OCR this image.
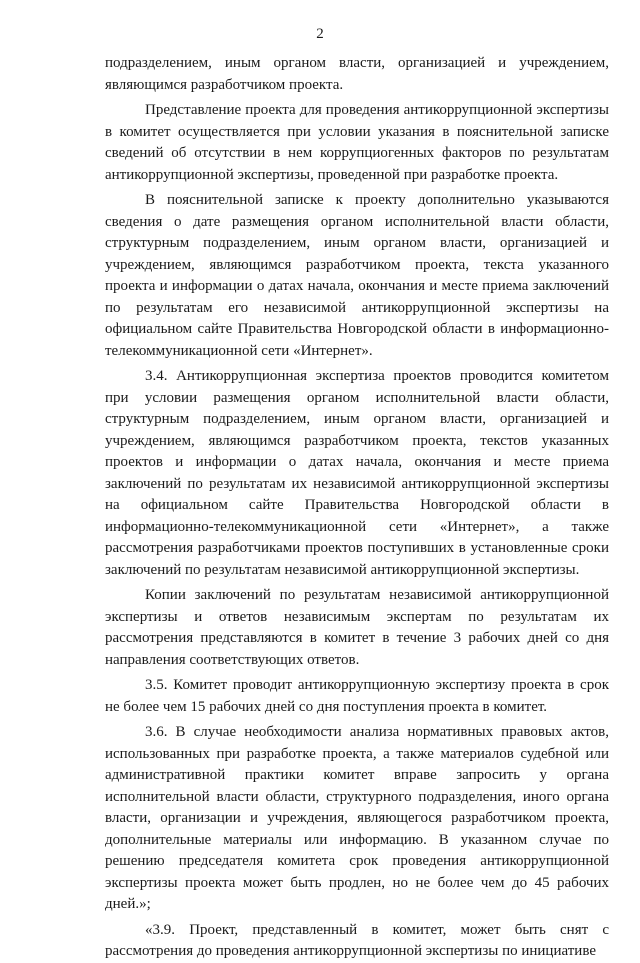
2

подразделением, иным органом власти, организацией и учреждением, являющимся разработчиком проекта.

Представление проекта для проведения антикоррупционной экспертизы в комитет осуществляется при условии указания в пояснительной записке сведений об отсутствии в нем коррупциогенных факторов по результатам антикоррупционной экспертизы, проведенной при разработке проекта.

В пояснительной записке к проекту дополнительно указываются сведения о дате размещения органом исполнительной власти области, структурным подразделением, иным органом власти, организацией и учреждением, являющимся разработчиком проекта, текста указанного проекта и информации о датах начала, окончания и месте приема заключений по результатам его независимой антикоррупционной экспертизы на официальном сайте Правительства Новгородской области в информационно-телекоммуникационной сети «Интернет».

3.4. Антикоррупционная экспертиза проектов проводится комитетом при условии размещения органом исполнительной власти области, структурным подразделением, иным органом власти, организацией и учреждением, являющимся разработчиком проекта, текстов указанных проектов и информации о датах начала, окончания и месте приема заключений по результатам их независимой антикоррупционной экспертизы на официальном сайте Правительства Новгородской области в информационно-телекоммуникационной сети «Интернет», а также рассмотрения разработчиками проектов поступивших в установленные сроки заключений по результатам независимой антикоррупционной экспертизы.

Копии заключений по результатам независимой антикоррупционной экспертизы и ответов независимым экспертам по результатам их рассмотрения представляются в комитет в течение 3 рабочих дней со дня направления соответствующих ответов.

3.5. Комитет проводит антикоррупционную экспертизу проекта в срок не более чем 15 рабочих дней со дня поступления проекта в комитет.

3.6. В случае необходимости анализа нормативных правовых актов, использованных при разработке проекта, а также материалов судебной или административной практики комитет вправе запросить у органа исполнительной власти области, структурного подразделения, иного органа власти, организации и учреждения, являющегося разработчиком проекта, дополнительные материалы или информацию. В указанном случае по решению председателя комитета срок проведения антикоррупционной экспертизы проекта может быть продлен, но не более чем до 45 рабочих дней.»;

«3.9. Проект, представленный в комитет, может быть снят с рассмотрения до проведения антикоррупционной экспертизы по инициативе
